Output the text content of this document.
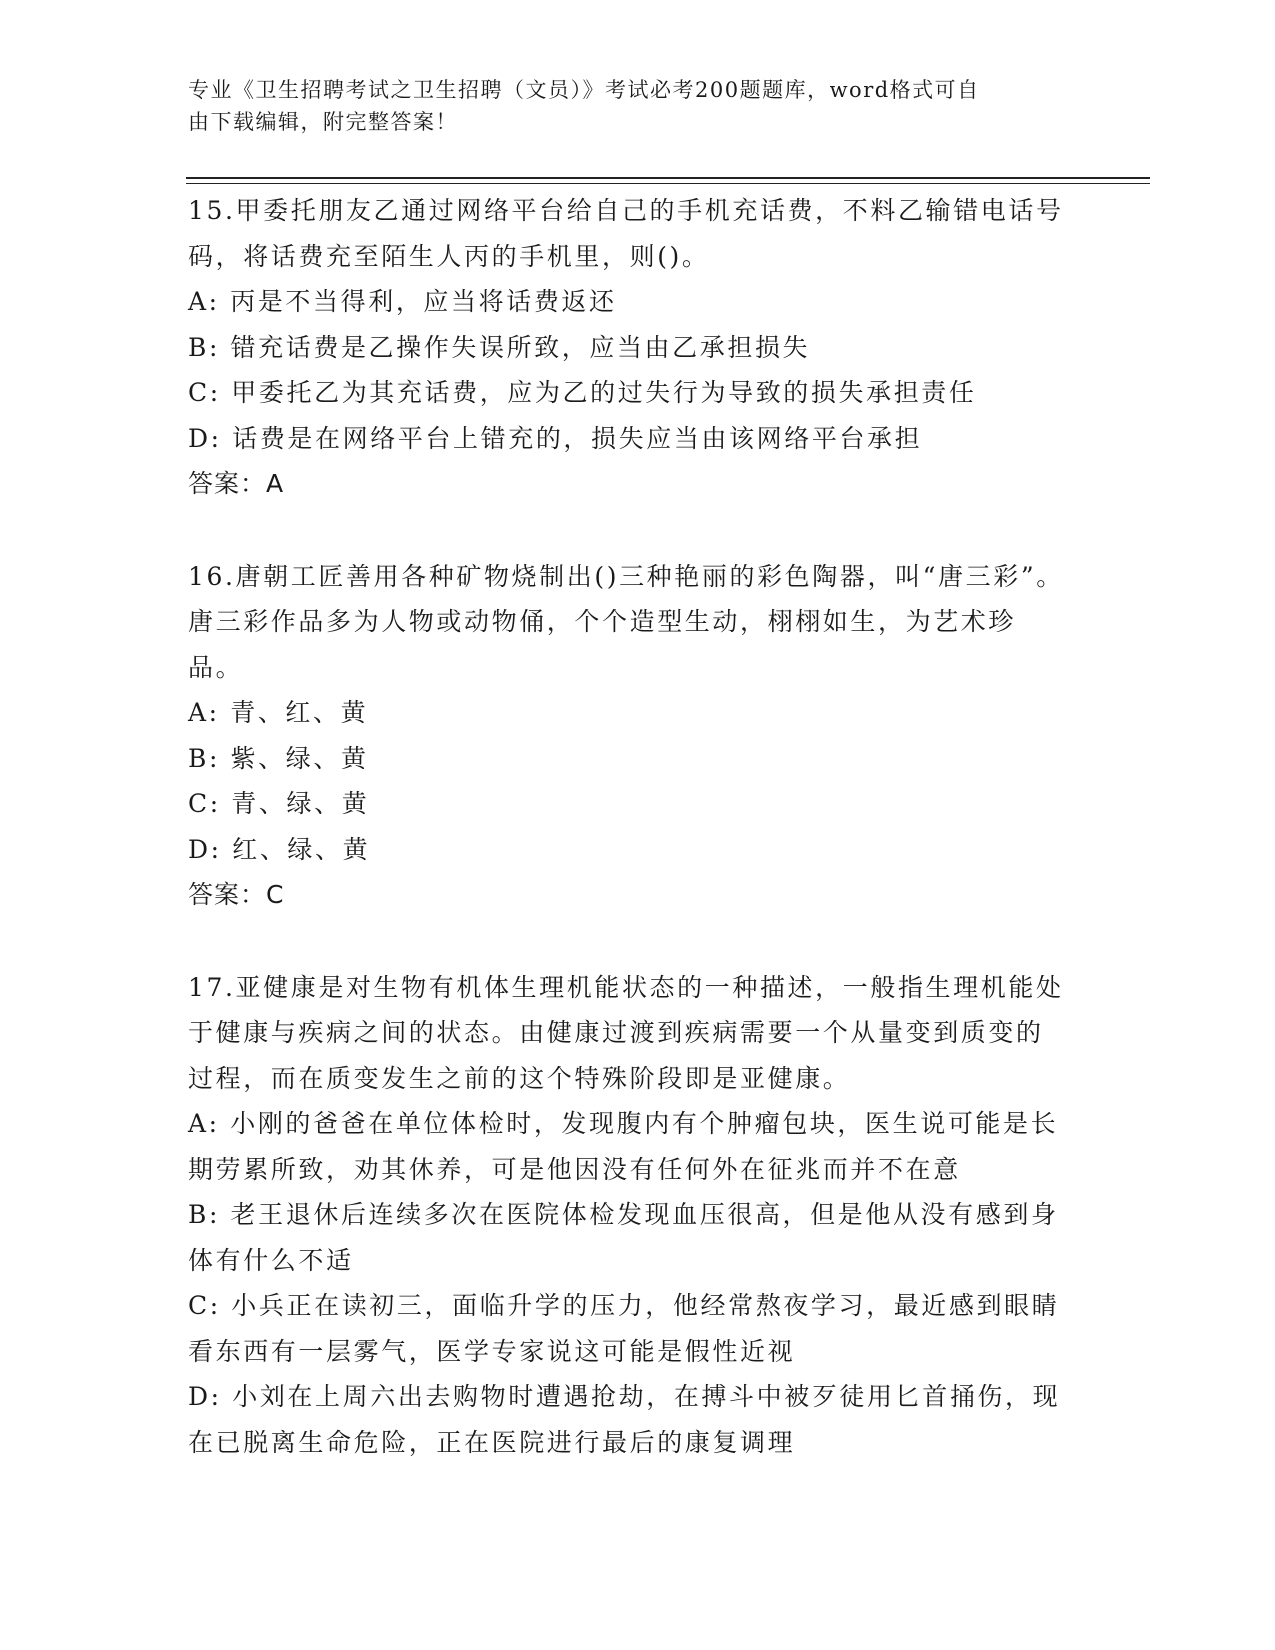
专业《卫生招聘考试之卫生招聘（文员）》考试必考200题题库，word格式可自
由下载编辑，附完整答案！

15.甲委托朋友乙通过网络平台给自己的手机充话费，不料乙输错电话号码，将话费充至陌生人丙的手机里，则()。

A: 丙是不当得利，应当将话费返还

B: 错充话费是乙操作失误所致，应当由乙承担损失

C: 甲委托乙为其充话费，应为乙的过失行为导致的损失承担责任

D: 话费是在网络平台上错充的，损失应当由该网络平台承担

答案：A

16.唐朝工匠善用各种矿物烧制出()三种艳丽的彩色陶器，叫“唐三彩”。唐三彩作品多为人物或动物俑，个个造型生动，栩栩如生，为艺术珍品。

A: 青、红、黄

B: 紫、绿、黄

C: 青、绿、黄

D: 红、绿、黄

答案：C

17.亚健康是对生物有机体生理机能状态的一种描述，一般指生理机能处于健康与疾病之间的状态。由健康过渡到疾病需要一个从量变到质变的过程，而在质变发生之前的这个特殊阶段即是亚健康。

A: 小刚的爸爸在单位体检时，发现腹内有个肿瘤包块，医生说可能是长期劳累所致，劝其休养，可是他因没有任何外在征兆而并不在意

B: 老王退休后连续多次在医院体检发现血压很高，但是他从没有感到身体有什么不适

C: 小兵正在读初三，面临升学的压力，他经常熬夜学习，最近感到眼睛看东西有一层雾气，医学专家说这可能是假性近视

D: 小刘在上周六出去购物时遭遇抢劫，在搏斗中被歹徒用匕首捅伤，现在已脱离生命危险，正在医院进行最后的康复调理
